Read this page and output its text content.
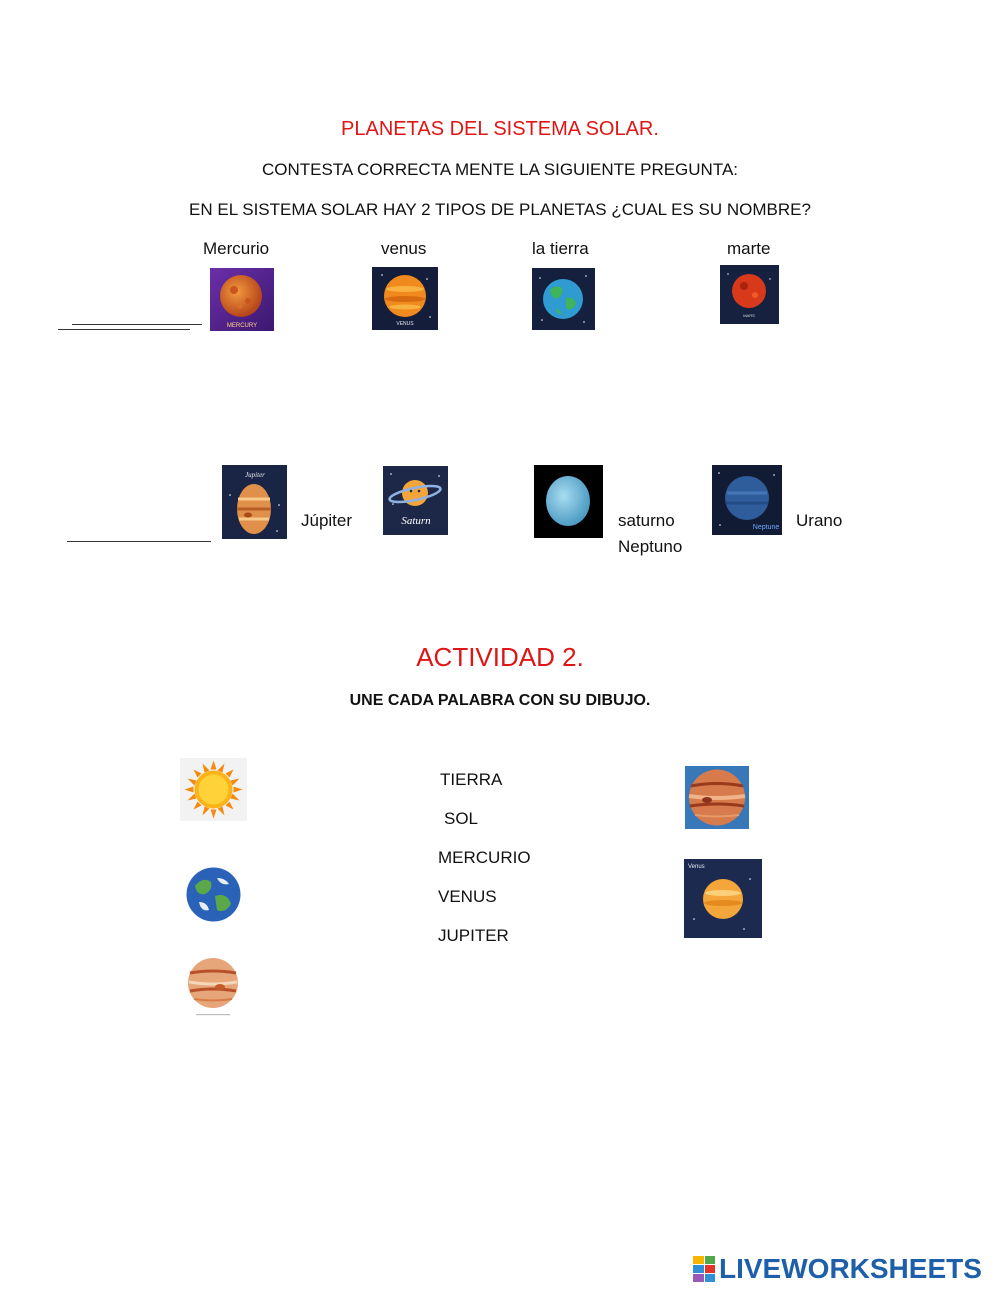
PLANETAS DEL SISTEMA SOLAR.
CONTESTA CORRECTA MENTE LA SIGUIENTE PREGUNTA:
EN EL SISTEMA SOLAR HAY 2 TIPOS DE PLANETAS ¿CUAL ES SU NOMBRE?
Mercurio	venus	la tierra	marte
MERCURY	VENUS
MARS
Jupiter
Júpiter	Saturn	saturno
Neptuno
Neptune Urano
ACTIVIDAD 2.
UNE CADA PALABRA CON SU DIBUJO.
TIERRA
SOL
MERCURIO
VENUS
JUPITER
Venus
LIVEWORKSHEETS
